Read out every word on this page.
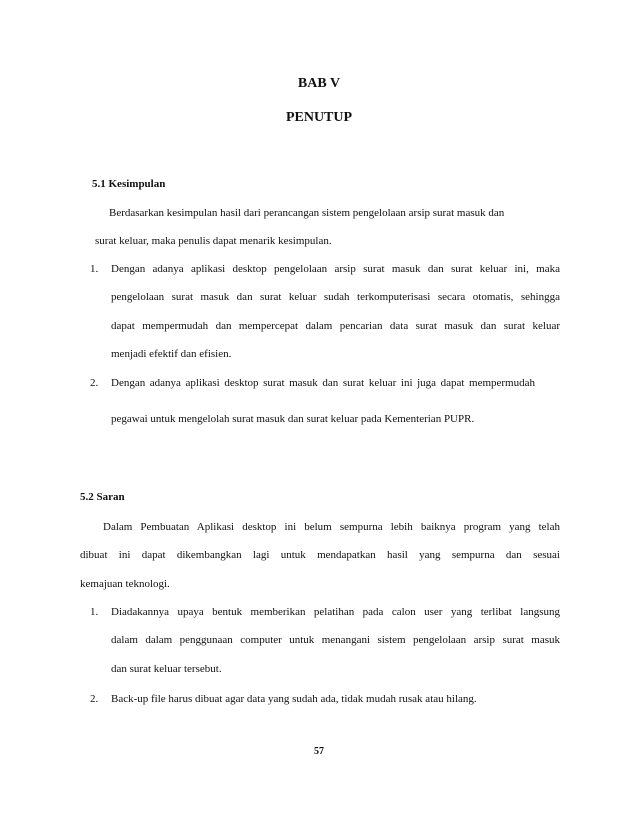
BAB V
PENUTUP
5.1 Kesimpulan
Berdasarkan kesimpulan hasil dari perancangan sistem pengelolaan arsip surat masuk dan
surat keluar, maka penulis dapat menarik kesimpulan.
1. Dengan adanya aplikasi desktop pengelolaan arsip surat masuk dan surat keluar ini, maka
pengelolaan surat masuk dan surat keluar sudah terkomputerisasi secara otomatis, sehingga
dapat mempermudah dan mempercepat dalam pencarian data surat masuk dan surat keluar
menjadi efektif dan efisien.
2. Dengan adanya aplikasi desktop surat masuk dan surat keluar ini juga dapat mempermudah
pegawai untuk mengelolah surat masuk dan surat keluar pada Kementerian PUPR.
5.2 Saran
Dalam Pembuatan Aplikasi desktop ini belum sempurna lebih baiknya program yang telah
dibuat ini dapat dikembangkan lagi untuk mendapatkan hasil yang sempurna dan sesuai
kemajuan teknologi.
1. Diadakannya upaya bentuk memberikan pelatihan pada calon user yang terlibat langsung
dalam dalam penggunaan computer untuk menangani sistem pengelolaan arsip surat masuk
dan surat keluar tersebut.
2. Back-up file harus dibuat agar data yang sudah ada, tidak mudah rusak atau hilang.
57
